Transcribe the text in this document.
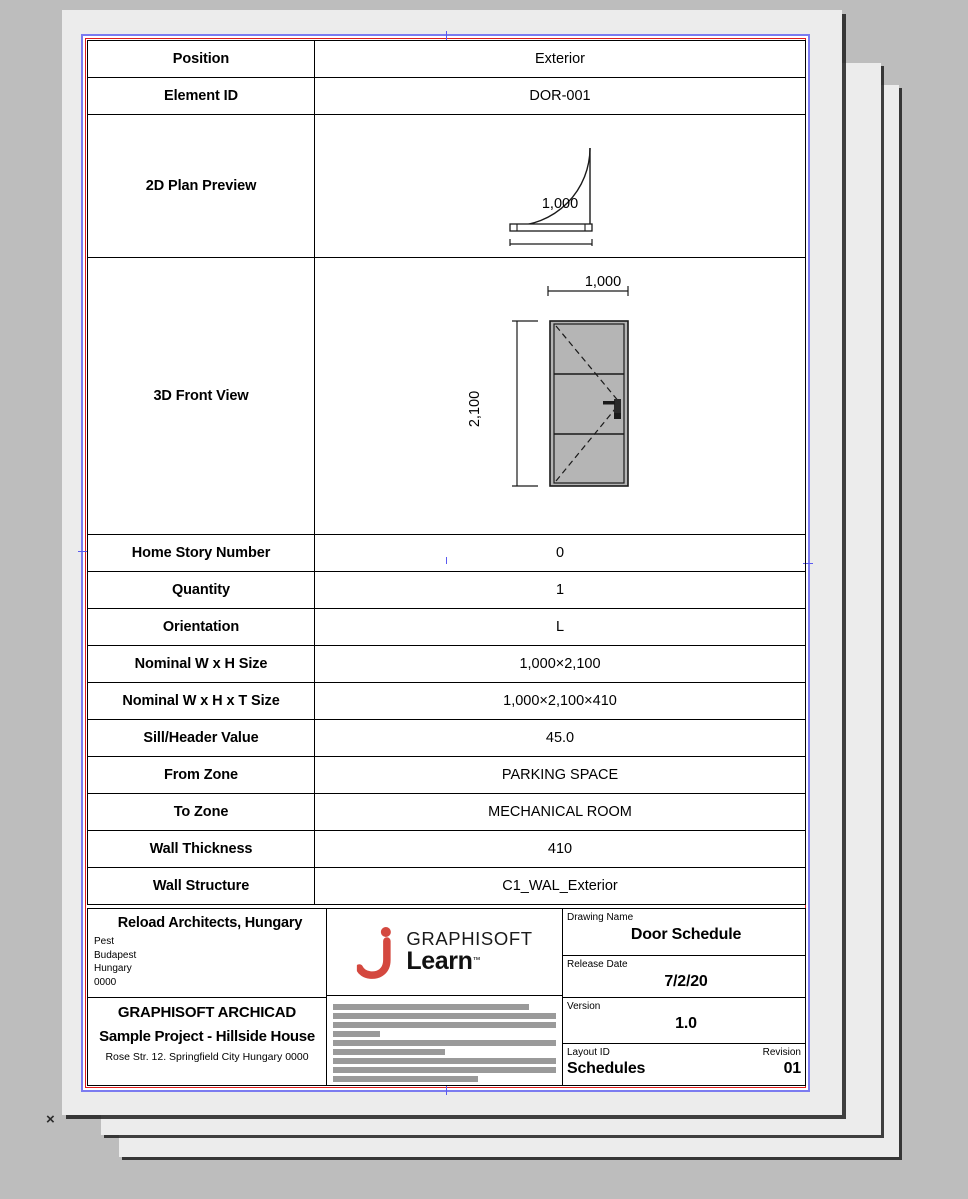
Position	Exterior
Element ID	DOR-001
2D Plan Preview	1,000

3D Front View	1,000
2,100

Home Story Number	0
Quantity	1
Orientation	L
Nominal W x H Size	1,000×2,100
Nominal W x H x T Size	1,000×2,100×410
Sill/Header Value	45.0
From Zone	PARKING SPACE
To Zone	MECHANICAL ROOM
Wall Thickness	410
Wall Structure	C1_WAL_Exterior
Reload Architects, Hungary
Pest
Budapest
Hungary
0000
GRAPHISOFT ARCHICAD
Sample Project - Hillside House
Rose Str. 12. Springfield City Hungary 0000
GRAPHISOFT
Learn™
Drawing Name
Door Schedule
Release Date
7/2/20
Version
1.0
Layout ID	Revision
Schedules	01
×
